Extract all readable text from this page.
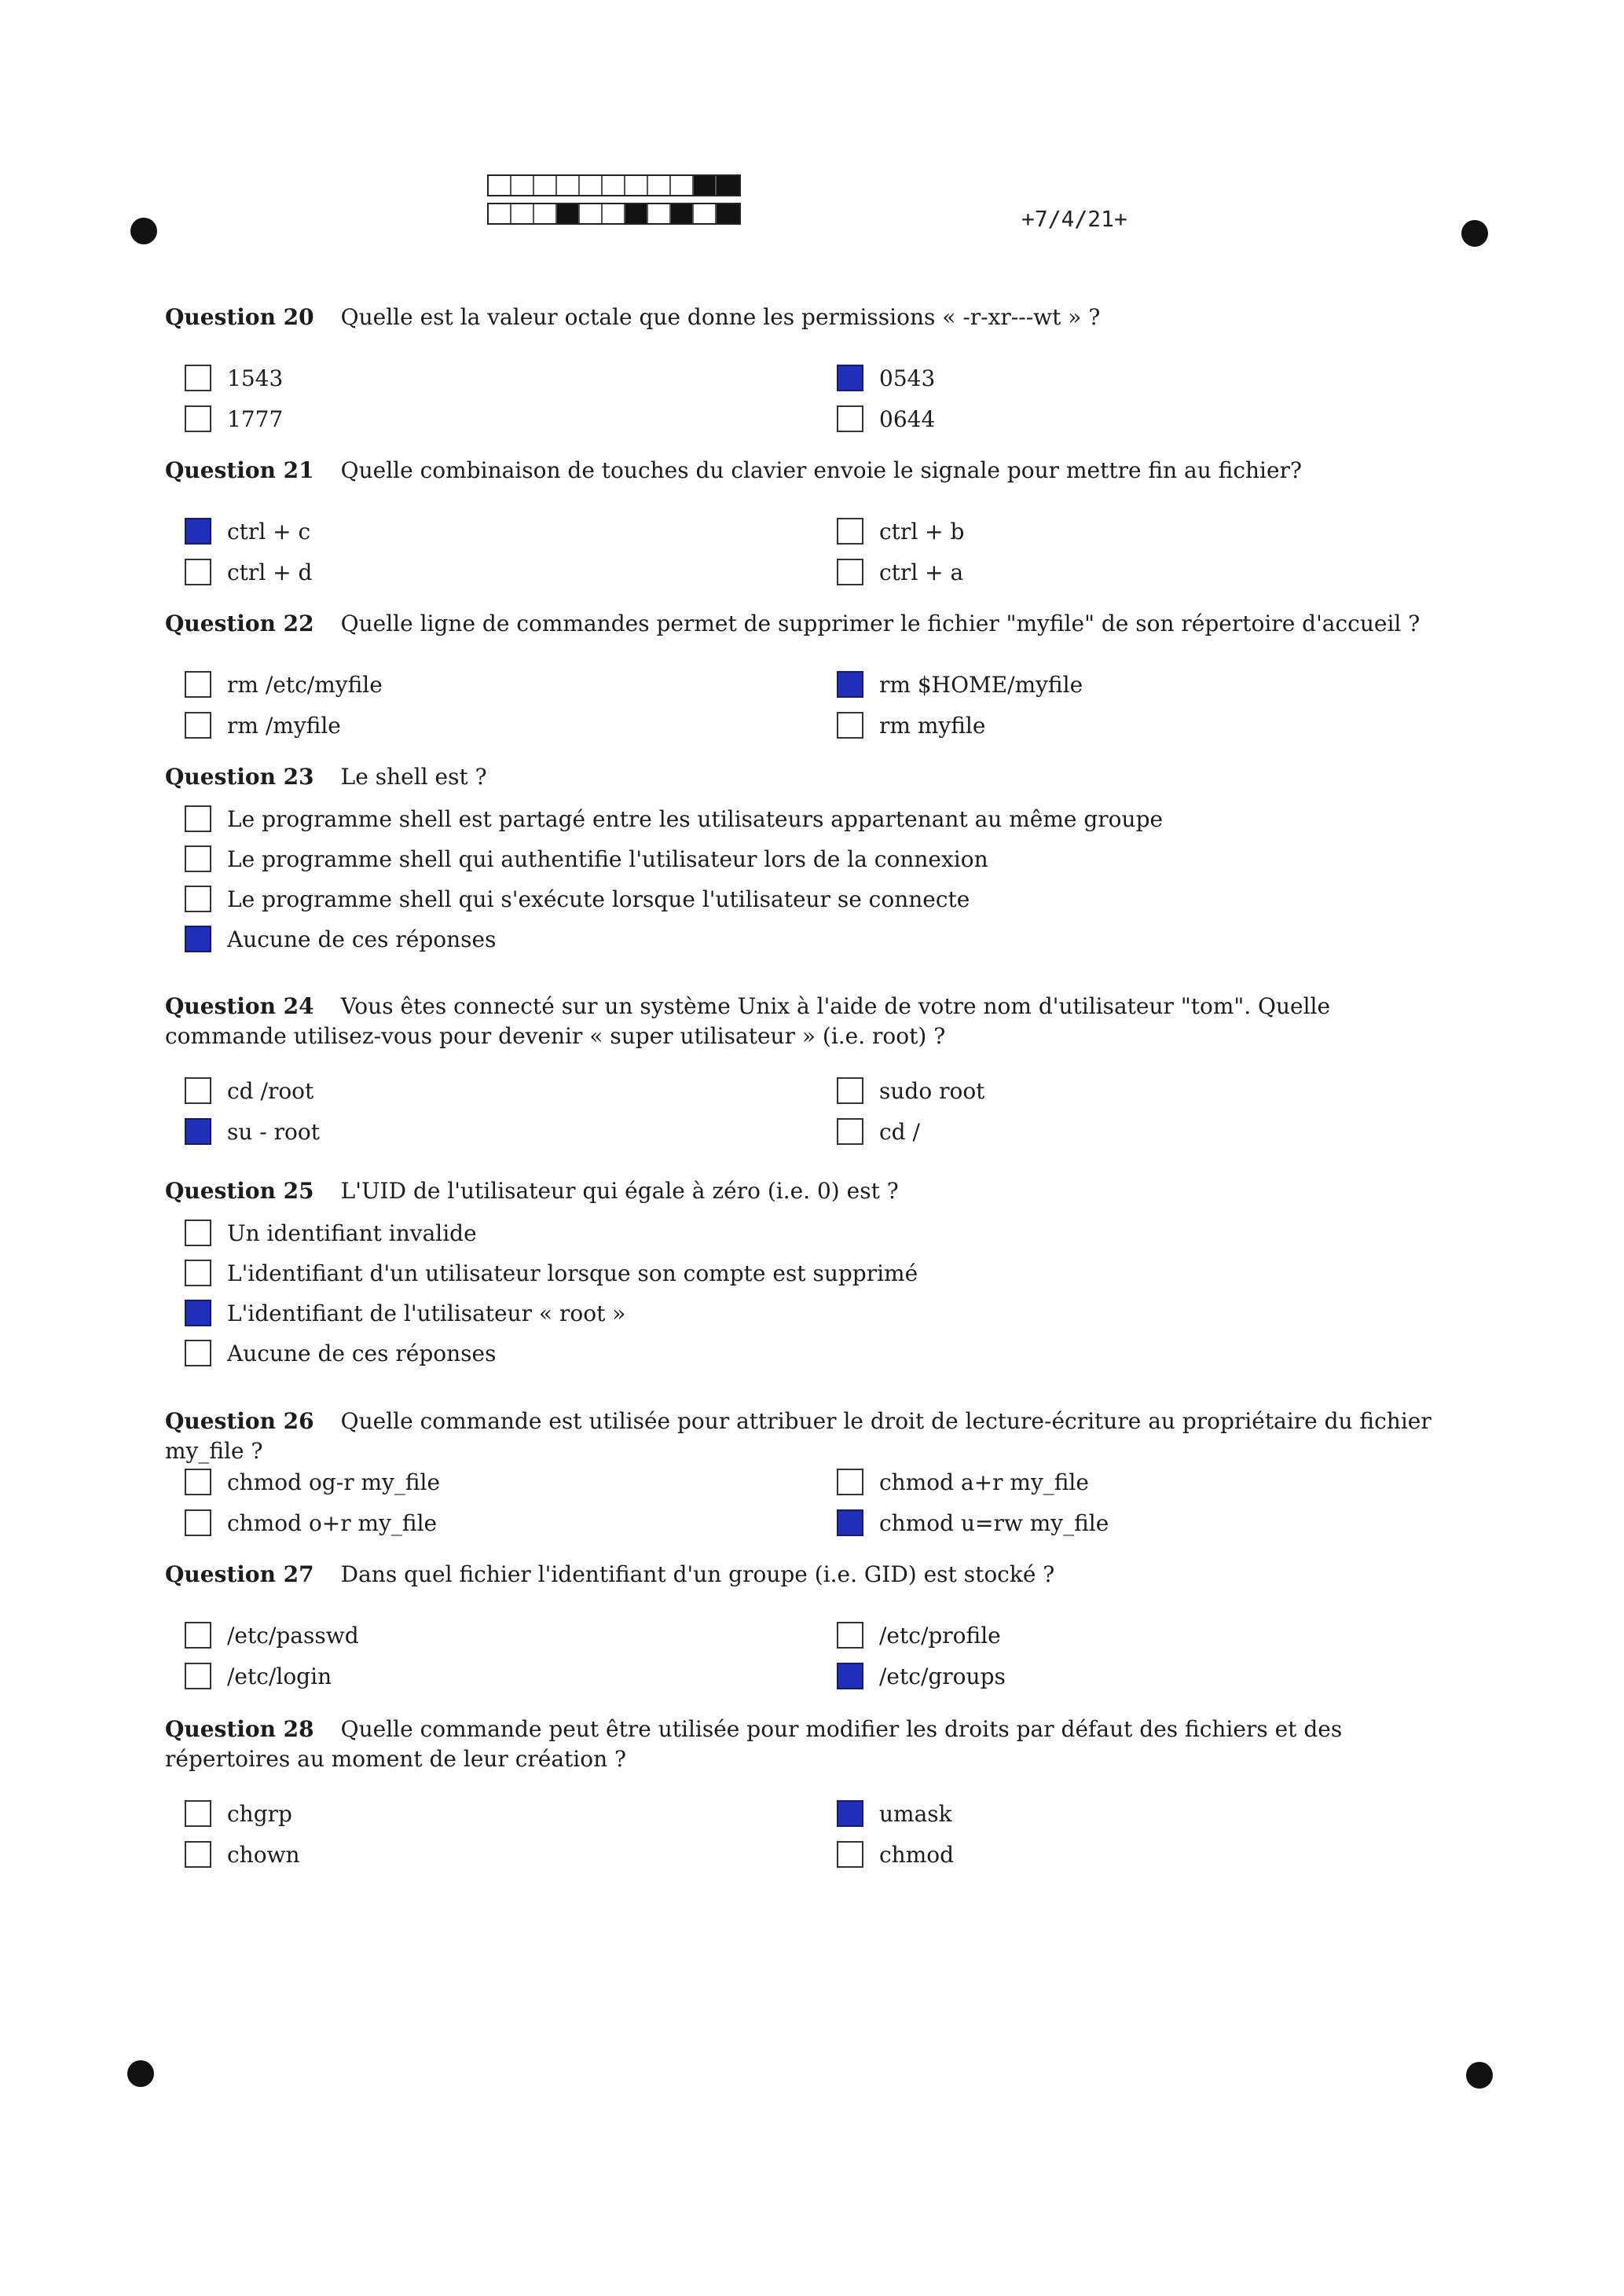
+7/4/21+

Question 20 Quelle est la valeur octale que donne les permissions « -r-xr---wt » ?

1543
1777
0543
0644

Question 21 Quelle combinaison de touches du clavier envoie le signale pour mettre fin au fichier?

ctrl + c
ctrl + d
ctrl + b
ctrl + a

Question 22 Quelle ligne de commandes permet de supprimer le fichier "myfile" de son répertoire d'accueil ?

rm /etc/myfile
rm /myfile
rm $HOME/myfile
rm myfile

Question 23 Le shell est ?

Le programme shell est partagé entre les utilisateurs appartenant au même groupe
Le programme shell qui authentifie l'utilisateur lors de la connexion
Le programme shell qui s'exécute lorsque l'utilisateur se connecte
Aucune de ces réponses

Question 24 Vous êtes connecté sur un système Unix à l'aide de votre nom d'utilisateur "tom". Quelle commande utilisez-vous pour devenir « super utilisateur » (i.e. root) ?

cd /root
su - root
sudo root
cd /

Question 25 L'UID de l'utilisateur qui égale à zéro (i.e. 0) est ?

Un identifiant invalide
L'identifiant d'un utilisateur lorsque son compte est supprimé
L'identifiant de l'utilisateur « root »
Aucune de ces réponses

Question 26 Quelle commande est utilisée pour attribuer le droit de lecture-écriture au propriétaire du fichier my_file ?

chmod og-r my_file
chmod o+r my_file
chmod a+r my_file
chmod u=rw my_file

Question 27 Dans quel fichier l'identifiant d'un groupe (i.e. GID) est stocké ?

/etc/passwd
/etc/login
/etc/profile
/etc/groups

Question 28 Quelle commande peut être utilisée pour modifier les droits par défaut des fichiers et des répertoires au moment de leur création ?

chgrp
chown
umask
chmod
